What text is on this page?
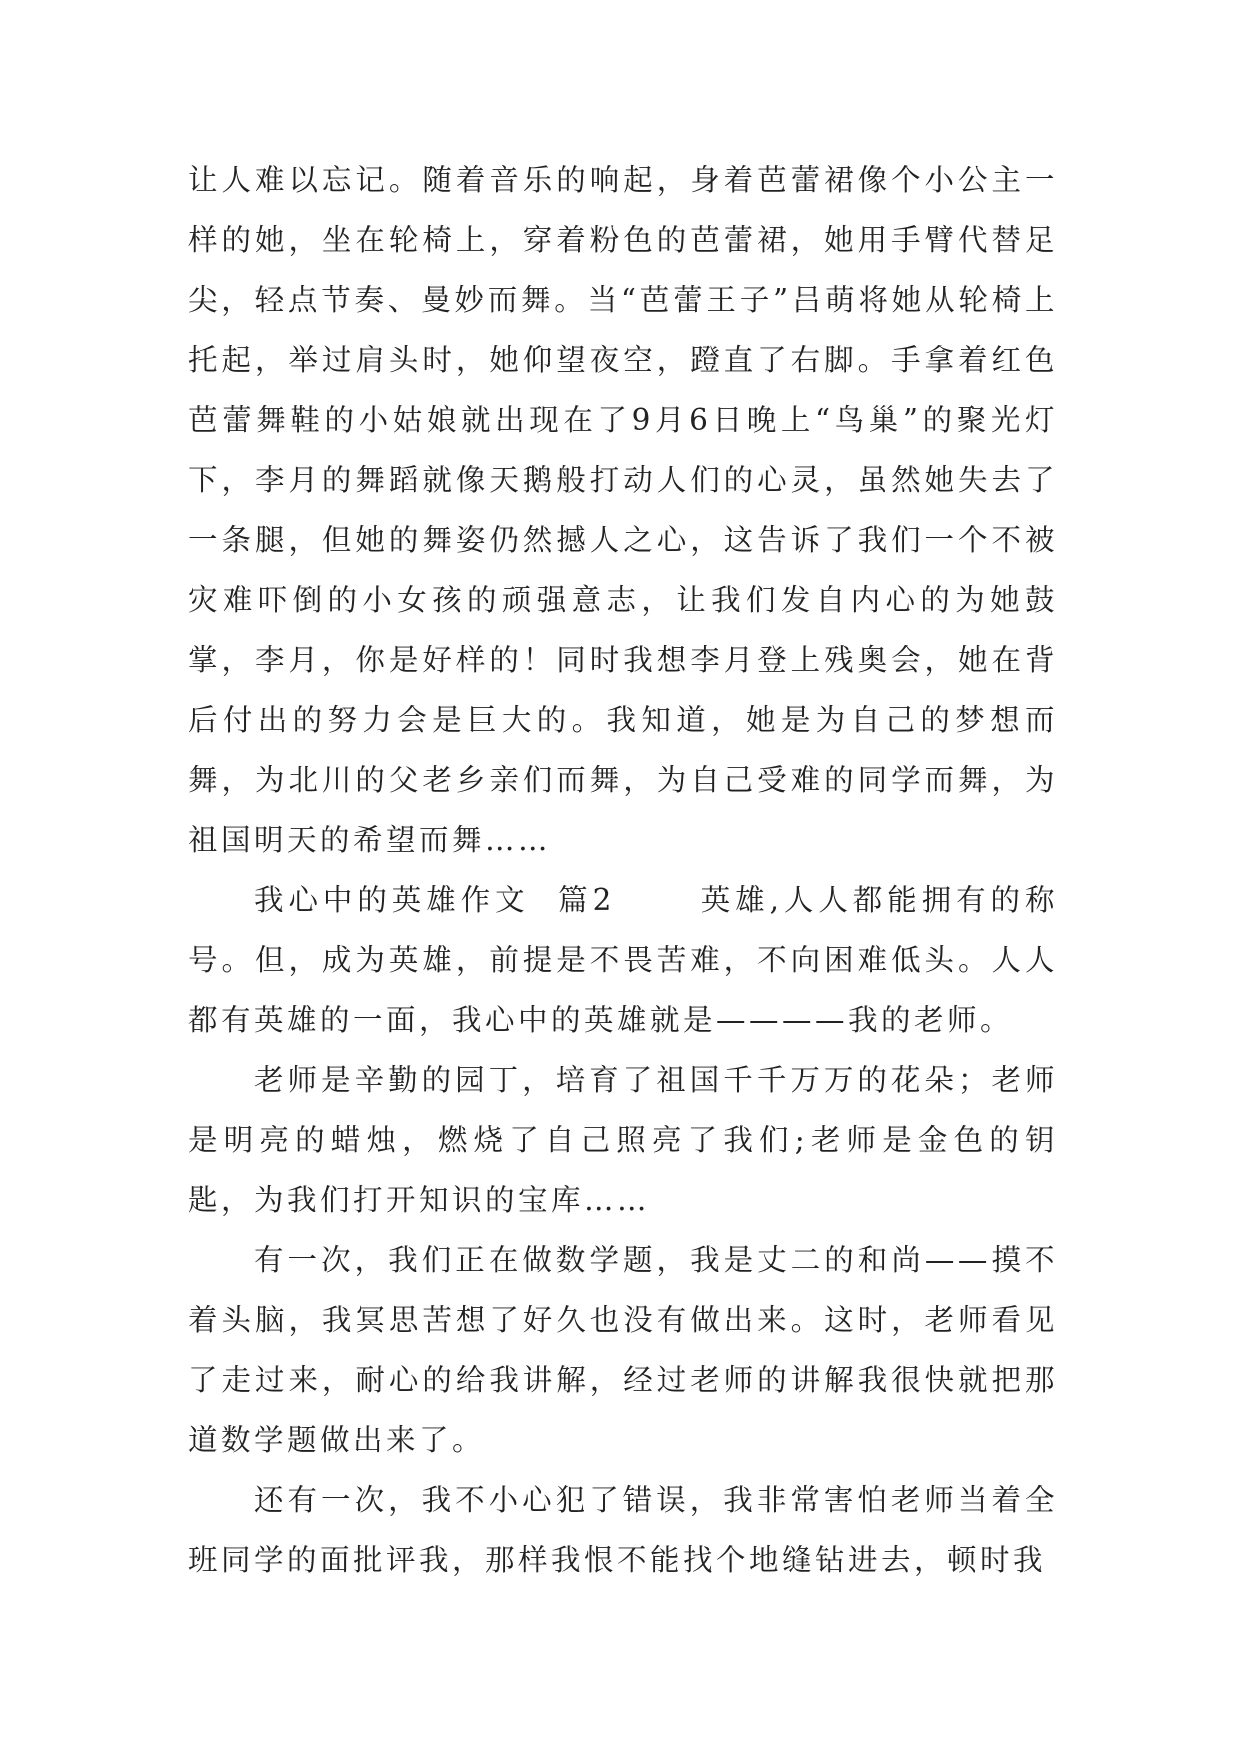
让人难以忘记。随着音乐的响起，身着芭蕾裙像个小公主一样的她，坐在轮椅上，穿着粉色的芭蕾裙，她用手臂代替足尖，轻点节奏、曼妙而舞。当“芭蕾王子”吕萌将她从轮椅上托起，举过肩头时，她仰望夜空，蹬直了右脚。手拿着红色芭蕾舞鞋的小姑娘就出现在了9月6日晚上“鸟巢”的聚光灯下，李月的舞蹈就像天鹅般打动人们的心灵，虽然她失去了一条腿，但她的舞姿仍然撼人之心，这告诉了我们一个不被灾难吓倒的小女孩的顽强意志，让我们发自内心的为她鼓掌，李月，你是好样的！同时我想李月登上残奥会，她在背后付出的努力会是巨大的。我知道，她是为自己的梦想而舞，为北川的父老乡亲们而舞，为自己受难的同学而舞，为祖国明天的希望而舞……

我心中的英雄作文  篇2	英雄,人人都能拥有的称号。但，成为英雄，前提是不畏苦难，不向困难低头。人人都有英雄的一面，我心中的英雄就是————我的老师。

老师是辛勤的园丁，培育了祖国千千万万的花朵；老师是明亮的蜡烛，燃烧了自己照亮了我们;老师是金色的钥匙，为我们打开知识的宝库……

有一次，我们正在做数学题，我是丈二的和尚——摸不着头脑，我冥思苦想了好久也没有做出来。这时，老师看见了走过来，耐心的给我讲解，经过老师的讲解我很快就把那道数学题做出来了。

还有一次，我不小心犯了错误，我非常害怕老师当着全班同学的面批评我，那样我恨不能找个地缝钻进去，顿时我
